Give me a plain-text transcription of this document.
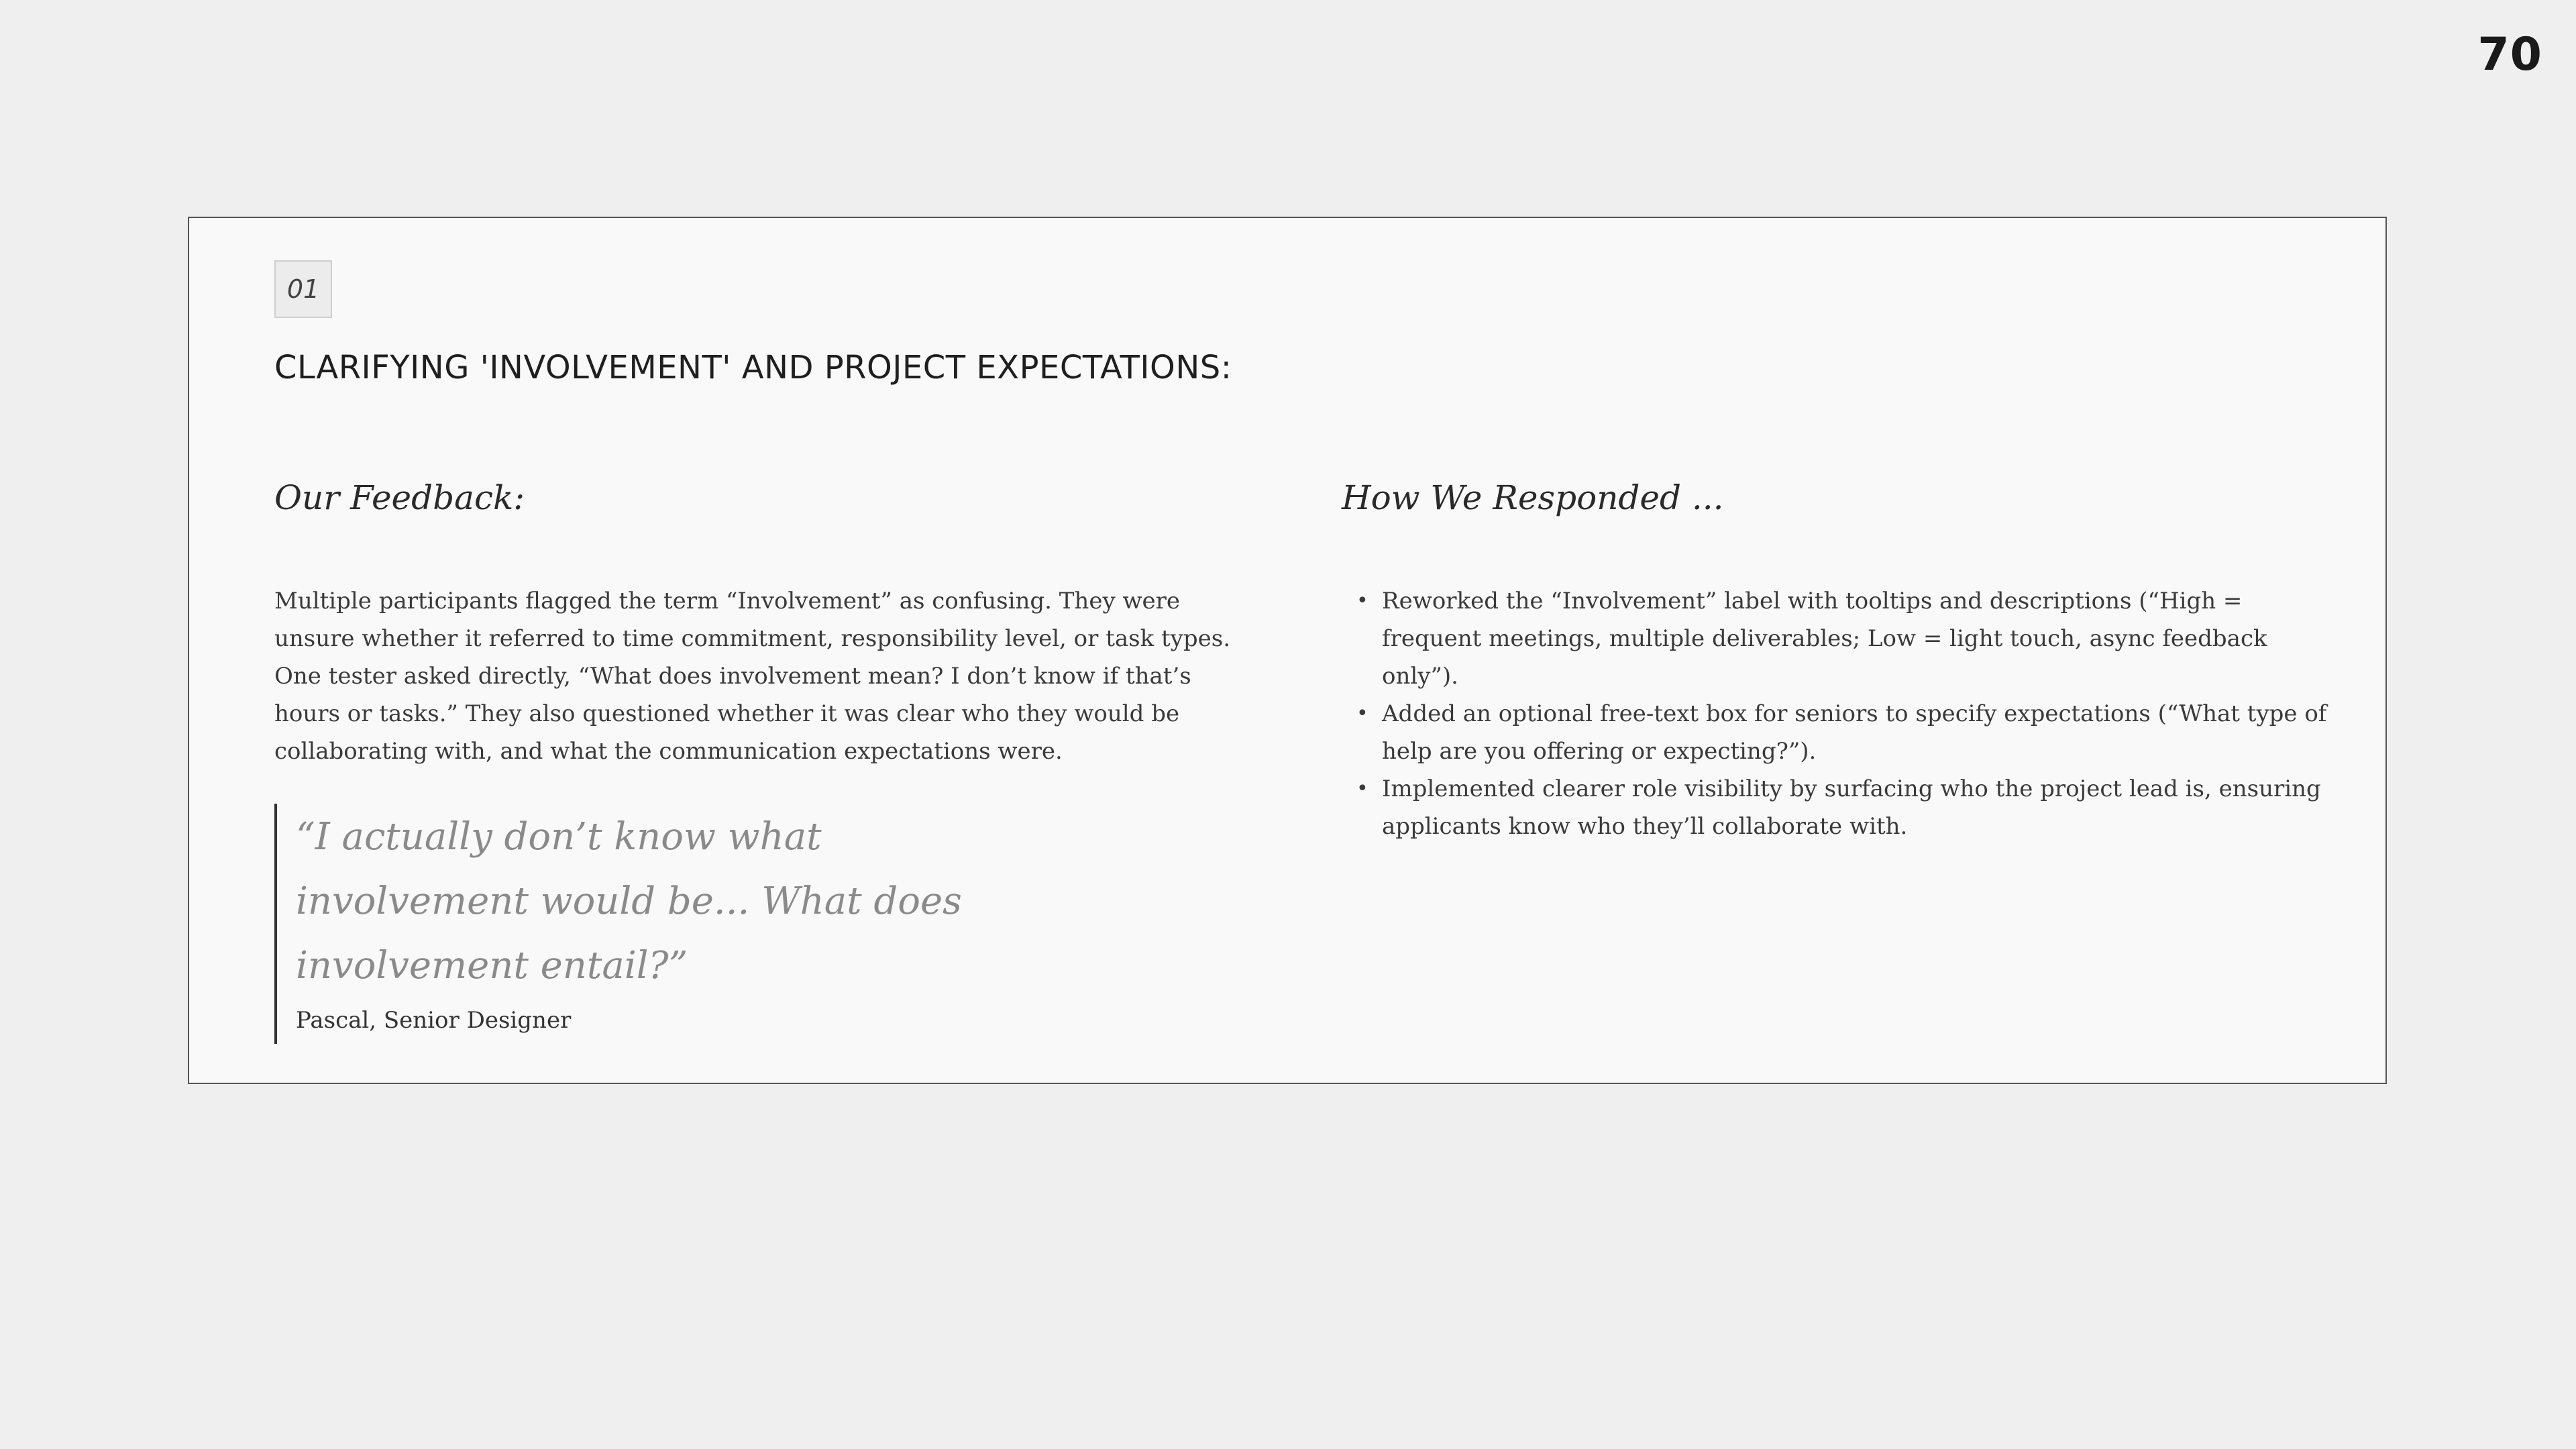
70
01
CLARIFYING 'INVOLVEMENT' AND PROJECT EXPECTATIONS:
Our Feedback:

Multiple participants flagged the term “Involvement” as confusing. They were unsure whether it referred to time commitment, responsibility level, or task types. One tester asked directly, “What does involvement mean? I don’t know if that’s hours or tasks.” They also questioned whether it was clear who they would be collaborating with, and what the communication expectations were.

“I actually don’t know what involvement would be... What does involvement entail?”

Pascal, Senior Designer

How We Responded ...
• Reworked the “Involvement” label with tooltips and descriptions (“High = frequent meetings, multiple deliverables; Low = light touch, async feedback only”).
• Added an optional free-text box for seniors to specify expectations (“What type of help are you offering or expecting?”).
• Implemented clearer role visibility by surfacing who the project lead is, ensuring applicants know who they’ll collaborate with.
